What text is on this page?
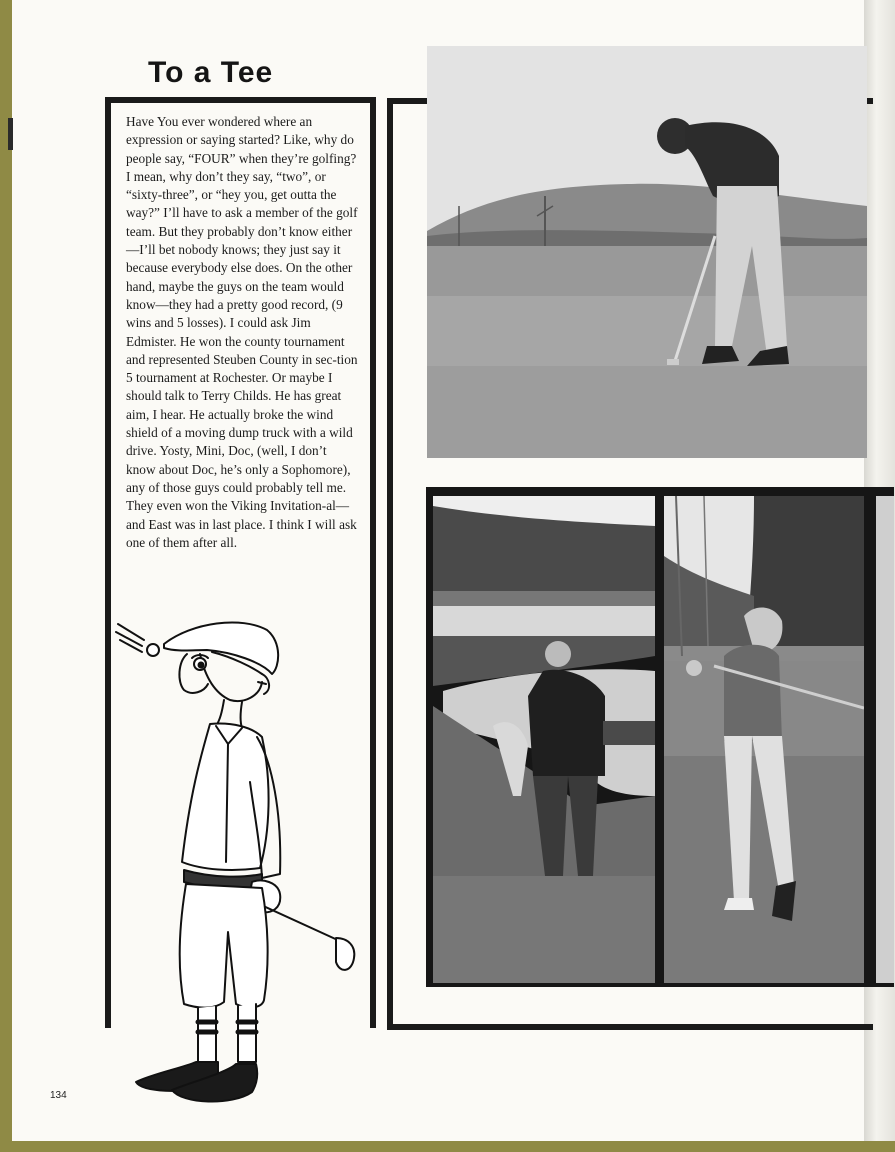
To a Tee

Have You ever wondered where an expression or saying started? Like, why do people say, “FOUR” when they’re golfing? I mean, why don’t they say, “two”, or “sixty-three”, or “hey you, get outta the way?” I’ll have to ask a member of the golf team. But they probably don’t know either—I’ll bet nobody knows; they just say it because everybody else does. On the other hand, maybe the guys on the team would know—they had a pretty good record, (9 wins and 5 losses). I could ask Jim Edmister. He won the county tournament and represented Steuben County in sec-tion 5 tournament at Rochester. Or maybe I should talk to Terry Childs. He has great aim, I hear. He actually broke the wind shield of a moving dump truck with a wild drive. Yosty, Mini, Doc, (well, I don’t know about Doc, he’s only a Sophomore), any of those guys could probably tell me. They even won the Viking Invitation-al—and East was in last place. I think I will ask one of them after all.

134
